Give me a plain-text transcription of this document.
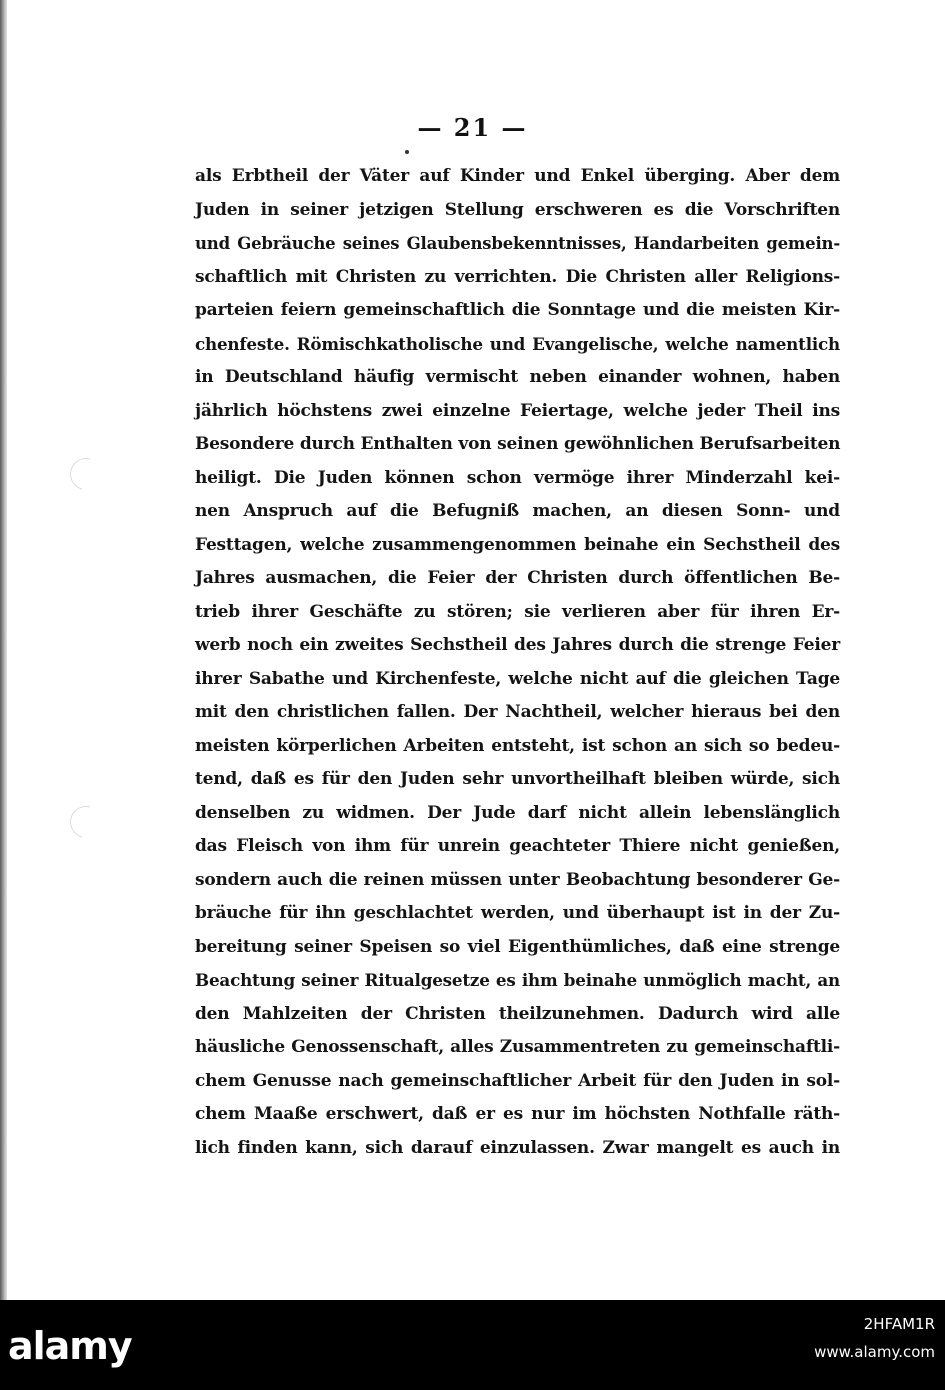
— 21 —
als Erbtheil der Väter auf Kinder und Enkel überging. Aber dem
Juden in seiner jetzigen Stellung erschweren es die Vorschriften
und Gebräuche seines Glaubensbekenntnisses, Handarbeiten gemein-
schaftlich mit Christen zu verrichten. Die Christen aller Religions-
parteien feiern gemeinschaftlich die Sonntage und die meisten Kir-
chenfeste. Römischkatholische und Evangelische, welche namentlich
in Deutschland häufig vermischt neben einander wohnen, haben
jährlich höchstens zwei einzelne Feiertage, welche jeder Theil ins
Besondere durch Enthalten von seinen gewöhnlichen Berufsarbeiten
heiligt. Die Juden können schon vermöge ihrer Minderzahl kei-
nen Anspruch auf die Befugniß machen, an diesen Sonn- und
Festtagen, welche zusammengenommen beinahe ein Sechstheil des
Jahres ausmachen, die Feier der Christen durch öffentlichen Be-
trieb ihrer Geschäfte zu stören; sie verlieren aber für ihren Er-
werb noch ein zweites Sechstheil des Jahres durch die strenge Feier
ihrer Sabathe und Kirchenfeste, welche nicht auf die gleichen Tage
mit den christlichen fallen. Der Nachtheil, welcher hieraus bei den
meisten körperlichen Arbeiten entsteht, ist schon an sich so bedeu-
tend, daß es für den Juden sehr unvortheilhaft bleiben würde, sich
denselben zu widmen. Der Jude darf nicht allein lebenslänglich
das Fleisch von ihm für unrein geachteter Thiere nicht genießen,
sondern auch die reinen müssen unter Beobachtung besonderer Ge-
bräuche für ihn geschlachtet werden, und überhaupt ist in der Zu-
bereitung seiner Speisen so viel Eigenthümliches, daß eine strenge
Beachtung seiner Ritualgesetze es ihm beinahe unmöglich macht, an
den Mahlzeiten der Christen theilzunehmen. Dadurch wird alle
häusliche Genossenschaft, alles Zusammentreten zu gemeinschaftli-
chem Genusse nach gemeinschaftlicher Arbeit für den Juden in sol-
chem Maaße erschwert, daß er es nur im höchsten Nothfalle räth-
lich finden kann, sich darauf einzulassen. Zwar mangelt es auch in
alamy	2HFAM1R
www.alamy.com
